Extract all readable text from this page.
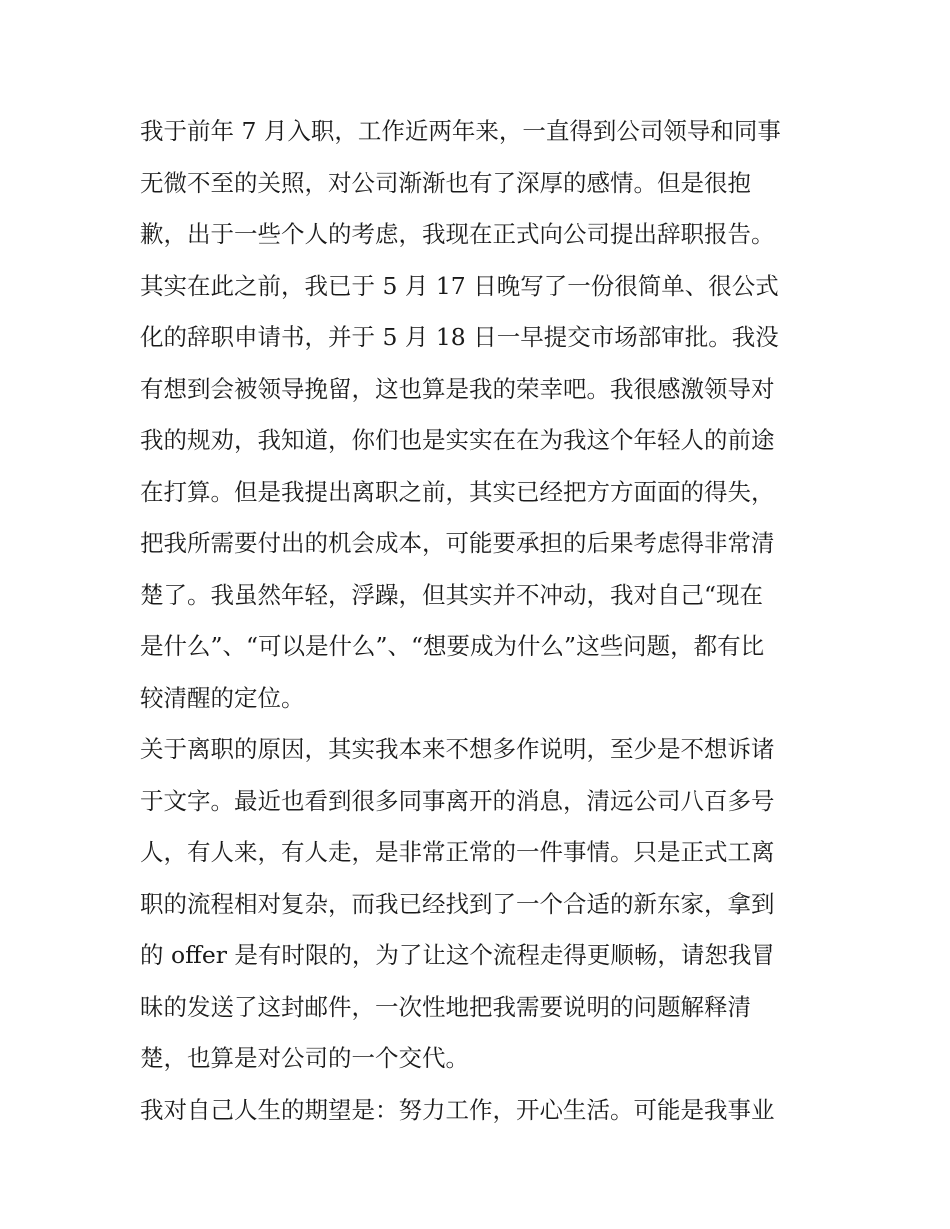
我于前年 7 月入职，工作近两年来，一直得到公司领导和同事
无微不至的关照，对公司渐渐也有了深厚的感情。但是很抱
歉，出于一些个人的考虑，我现在正式向公司提出辞职报告。
其实在此之前，我已于 5 月 17 日晚写了一份很简单、很公式
化的辞职申请书，并于 5 月 18 日一早提交市场部审批。我没
有想到会被领导挽留，这也算是我的荣幸吧。我很感激领导对
我的规劝，我知道，你们也是实实在在为我这个年轻人的前途
在打算。但是我提出离职之前，其实已经把方方面面的得失，
把我所需要付出的机会成本，可能要承担的后果考虑得非常清
楚了。我虽然年轻，浮躁，但其实并不冲动，我对自己“现在
是什么”、“可以是什么”、“想要成为什么”这些问题，都有比
较清醒的定位。
关于离职的原因，其实我本来不想多作说明，至少是不想诉诸
于文字。最近也看到很多同事离开的消息，清远公司八百多号
人，有人来，有人走，是非常正常的一件事情。只是正式工离
职的流程相对复杂，而我已经找到了一个合适的新东家，拿到
的 offer 是有时限的，为了让这个流程走得更顺畅，请恕我冒
昧的发送了这封邮件，一次性地把我需要说明的问题解释清
楚，也算是对公司的一个交代。
我对自己人生的期望是：努力工作，开心生活。可能是我事业
